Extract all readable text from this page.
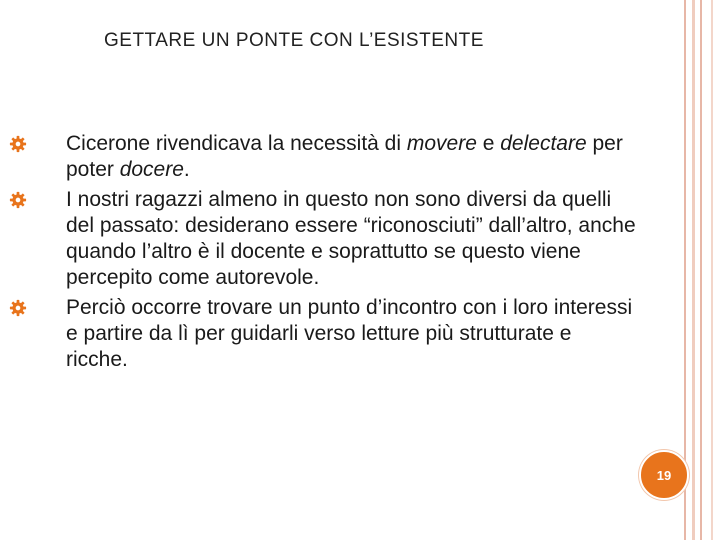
GETTARE UN PONTE CON L’ESISTENTE
Cicerone rivendicava la necessità di movere e delectare per poter docere.
I nostri ragazzi almeno in questo non sono diversi da quelli del passato: desiderano essere “riconosciuti” dall’altro, anche quando l’altro è il docente e soprattutto se questo viene percepito come autorevole.
Perciò occorre trovare un punto d’incontro con i loro interessi e partire da lì per guidarli verso letture più strutturate e ricche.
19
